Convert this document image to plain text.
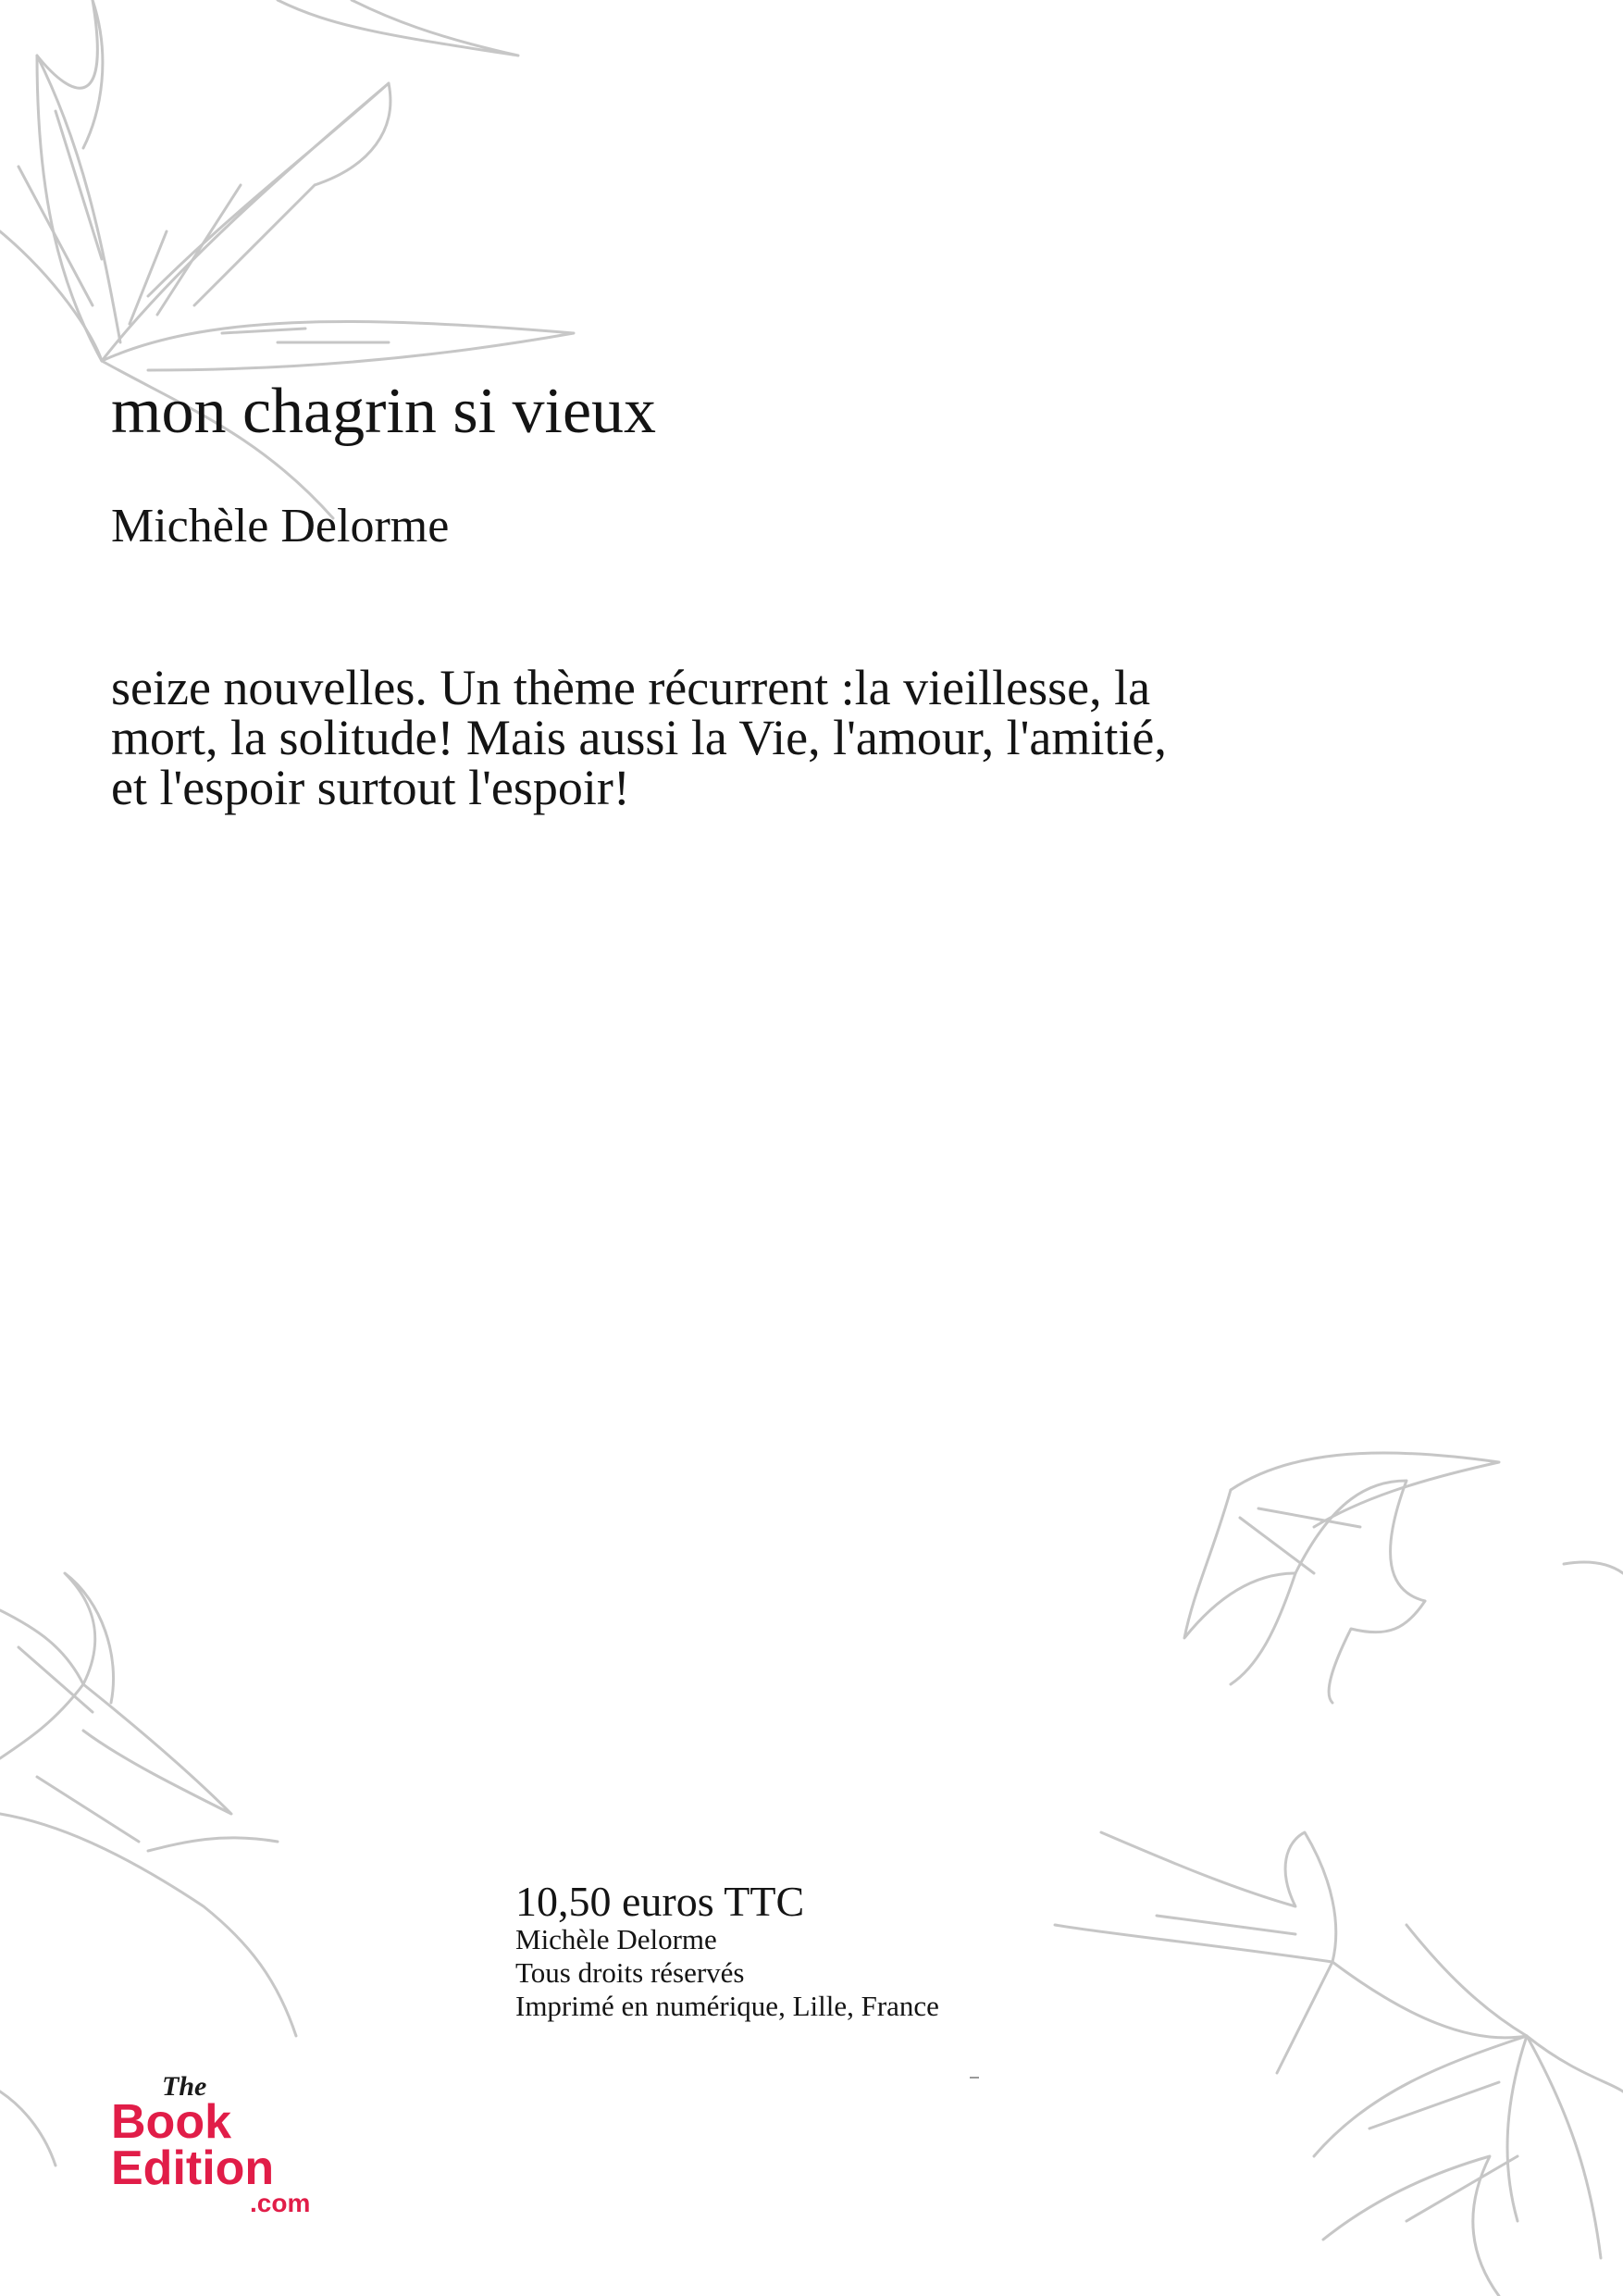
mon chagrin si vieux
Michèle Delorme
seize nouvelles. Un thème récurrent :la vieillesse, la mort, la solitude! Mais aussi la Vie, l'amour, l'amitié, et l'espoir surtout l'espoir!
10,50 euros TTC
Michèle Delorme
Tous droits réservés
Imprimé en numérique, Lille, France
The
Book
Edition
.com
